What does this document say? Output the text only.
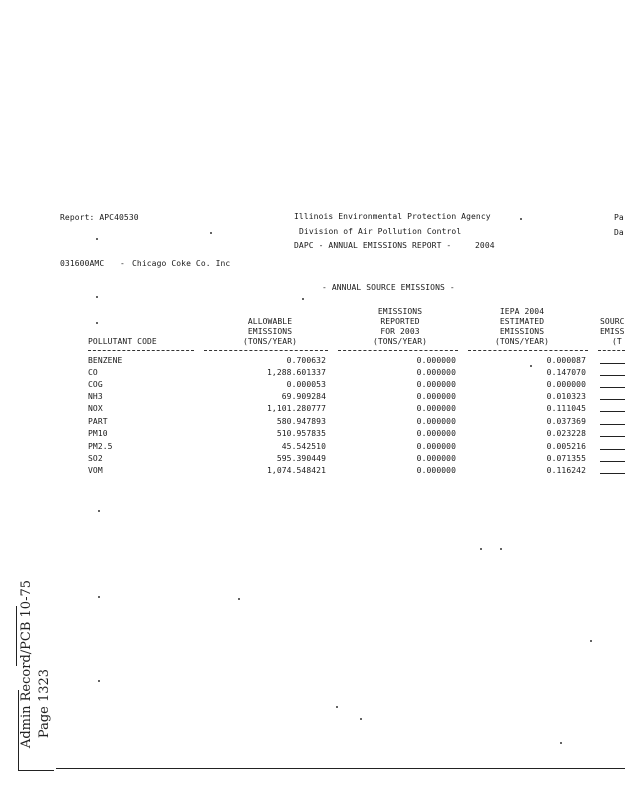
Report: APC40530	Illinois Environmental Protection Agency
Division of Air Pollution Control
DAPC - ANNUAL EMISSIONS REPORT -	2004
Pa
Da
031600AMC - Chicago Coke Co. Inc
- ANNUAL SOURCE EMISSIONS -
POLLUTANT CODE
ALLOWABLE
EMISSIONS
(TONS/YEAR)
EMISSIONS
REPORTED
FOR 2003
(TONS/YEAR)
IEPA 2004
ESTIMATED
EMISSIONS
(TONS/YEAR)
SOURC
EMISS
(T
BENZENE	0.700632	0.000000	0.000087
CO	1,288.601337	0.000000	0.147070
COG	0.000053	0.000000	0.000000
NH3	69.909284	0.000000	0.010323
NOX	1,101.280777	0.000000	0.111045
PART	580.947893	0.000000	0.037369
PM10	510.957835	0.000000	0.023228
PM2.5	45.542510	0.000000	0.005216
SO2	595.390449	0.000000	0.071355
VOM	1,074.548421	0.000000	0.116242
Admin Record/PCB 10-75 Page 1323
